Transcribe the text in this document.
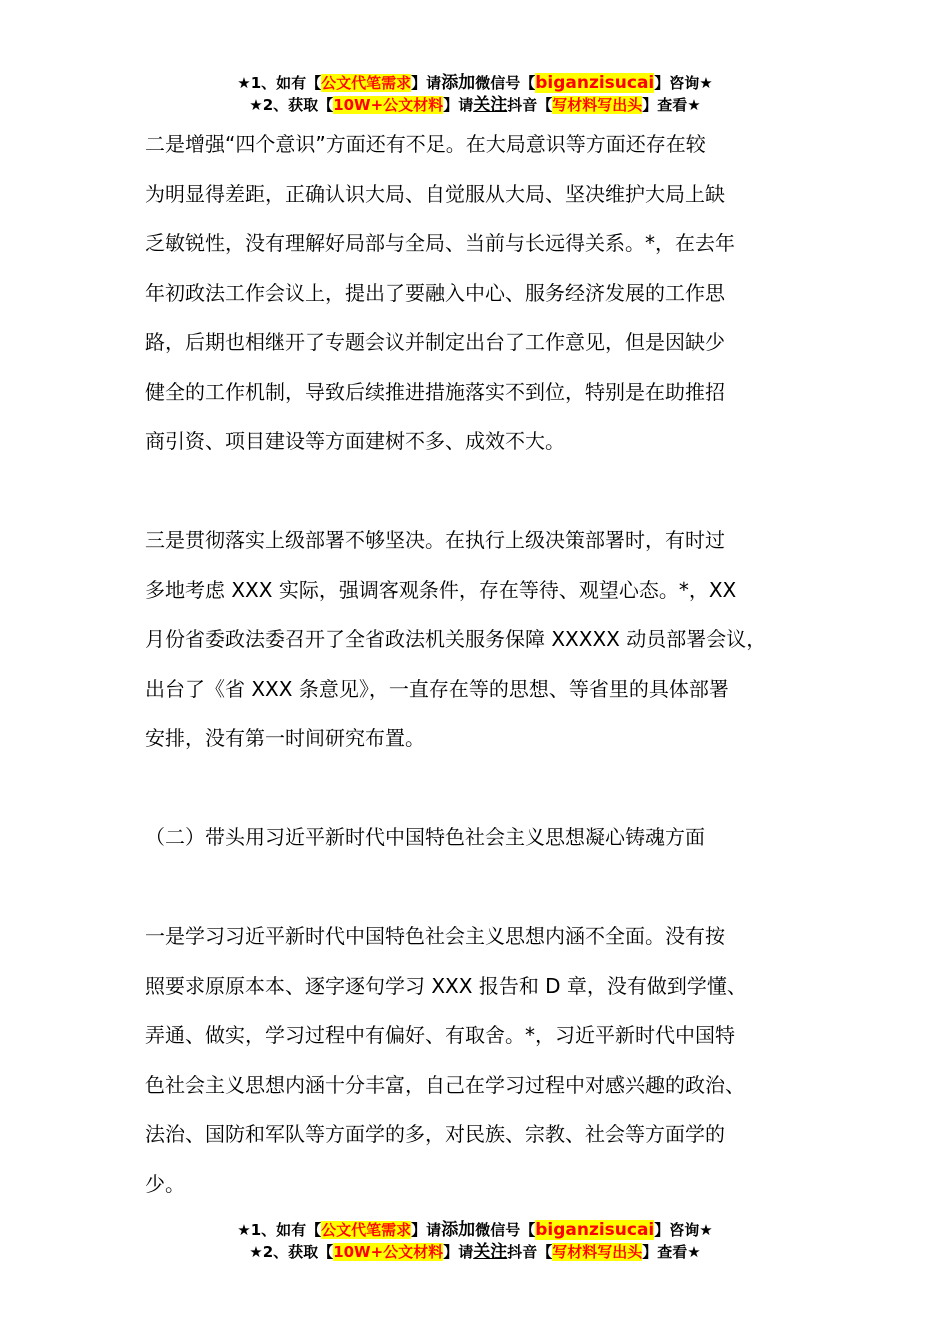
★1、如有【公文代笔需求】请添加微信号【biganzisucai】咨询★
★2、获取【10W+公文材料】请关注抖音【写材料写出头】查看★

二是增强“四个意识”方面还有不足。在大局意识等方面还存在较

为明显得差距，正确认识大局、自觉服从大局、坚决维护大局上缺

乏敏锐性，没有理解好局部与全局、当前与长远得关系。*，在去年

年初政法工作会议上，提出了要融入中心、服务经济发展的工作思

路，后期也相继开了专题会议并制定出台了工作意见，但是因缺少

健全的工作机制，导致后续推进措施落实不到位，特别是在助推招

商引资、项目建设等方面建树不多、成效不大。

三是贯彻落实上级部署不够坚决。在执行上级决策部署时，有时过

多地考虑 XXX 实际，强调客观条件，存在等待、观望心态。*，XX

月份省委政法委召开了全省政法机关服务保障 XXXXX 动员部署会议，

出台了《省 XXX 条意见》，一直存在等的思想、等省里的具体部署

安排，没有第一时间研究布置。

（二）带头用习近平新时代中国特色社会主义思想凝心铸魂方面

一是学习习近平新时代中国特色社会主义思想内涵不全面。没有按

照要求原原本本、逐字逐句学习 XXX 报告和 D 章，没有做到学懂、

弄通、做实，学习过程中有偏好、有取舍。*，习近平新时代中国特

色社会主义思想内涵十分丰富，自己在学习过程中对感兴趣的政治、

法治、国防和军队等方面学的多，对民族、宗教、社会等方面学的

少。

★1、如有【公文代笔需求】请添加微信号【biganzisucai】咨询★
★2、获取【10W+公文材料】请关注抖音【写材料写出头】查看★
